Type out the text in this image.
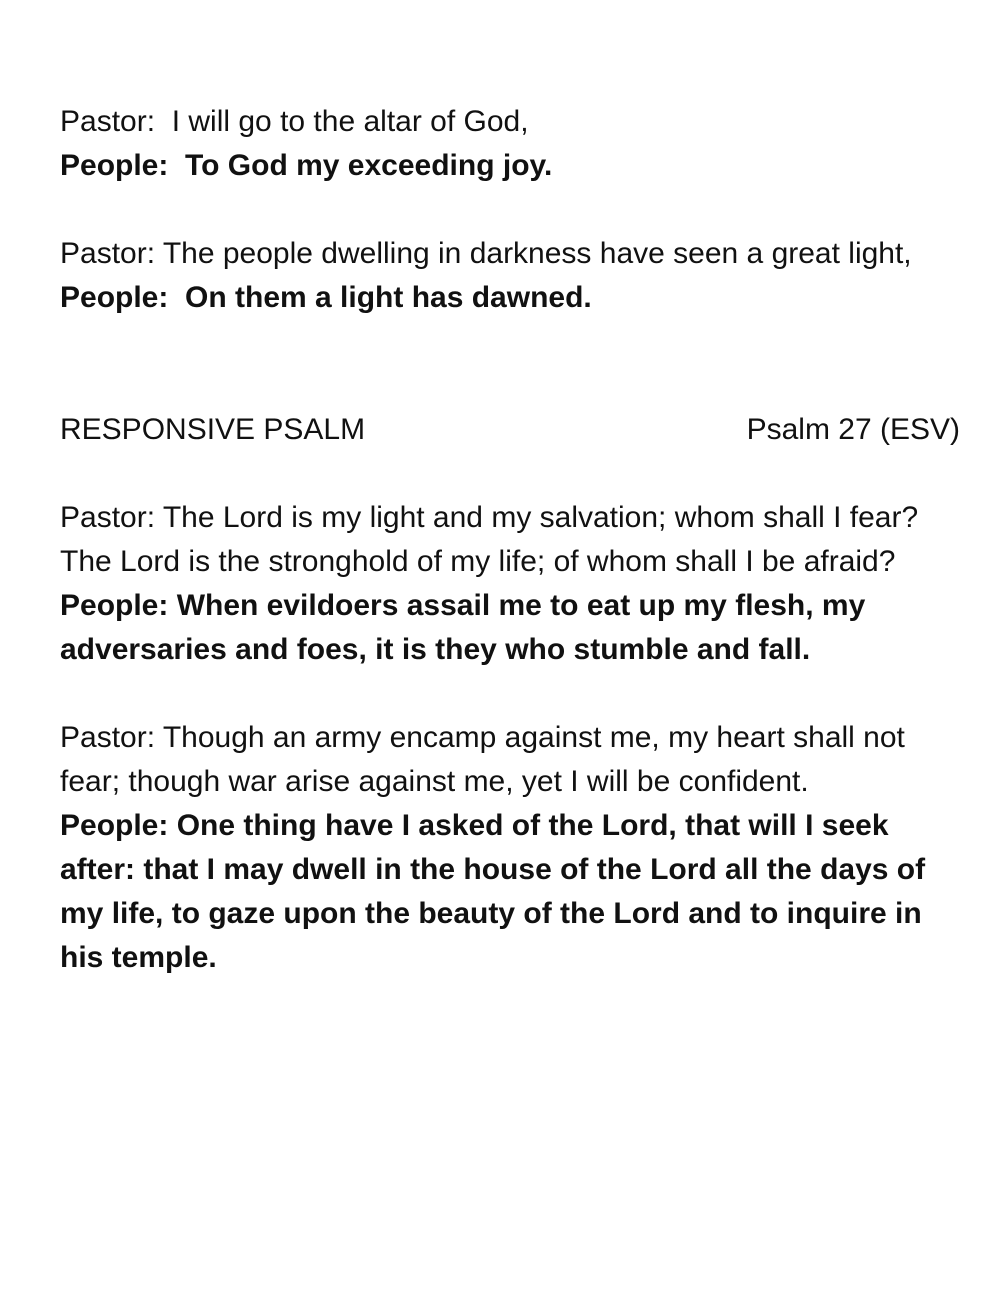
Pastor:  I will go to the altar of God,

People:  To God my exceeding joy.

Pastor: The people dwelling in darkness have seen a great light,

People:  On them a light has dawned.

RESPONSIVE PSALM	Psalm 27 (ESV)

Pastor: The Lord is my light and my salvation; whom shall I fear? The Lord is the stronghold of my life; of whom shall I be afraid?

People: When evildoers assail me to eat up my flesh, my adversaries and foes, it is they who stumble and fall.

Pastor: Though an army encamp against me, my heart shall not fear; though war arise against me, yet I will be confident.

People: One thing have I asked of the Lord, that will I seek after: that I may dwell in the house of the Lord all the days of my life, to gaze upon the beauty of the Lord and to inquire in his temple.
